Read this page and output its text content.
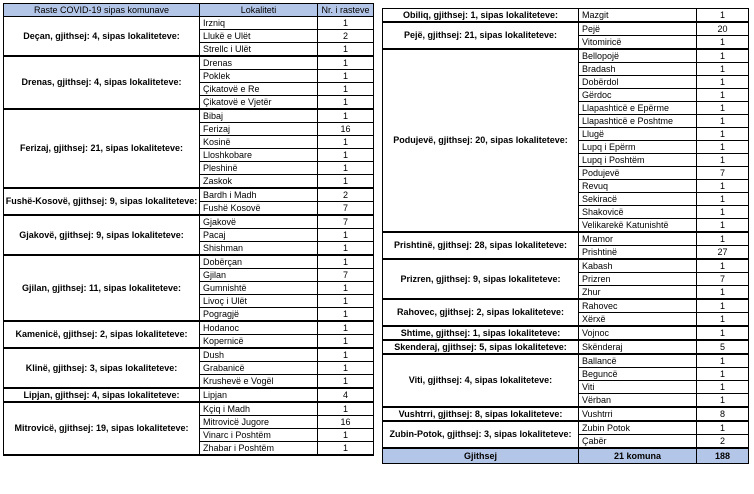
Raste COVID-19 sipas komunave	Lokaliteti	Nr. i rasteve
Deçan, gjithsej: 4, sipas lokaliteteve:	Irzniq	1
	Llukë e Ulët	2
	Strellc i Ulët	1
Drenas, gjithsej: 4, sipas lokaliteteve:	Drenas	1
	Poklek	1
	Çikatovë e Re	1
	Çikatovë e Vjetër	1
Ferizaj, gjithsej: 21, sipas lokaliteteve:	Bibaj	1
	Ferizaj	16
	Kosinë	1
	Lloshkobare	1
	Pleshinë	1
	Zaskok	1
Fushë-Kosovë, gjithsej: 9, sipas lokaliteteve:	Bardh i Madh	2
	Fushë Kosovë	7
Gjakovë, gjithsej: 9, sipas lokaliteteve:	Gjakovë	7
	Pacaj	1
	Shishman	1
Gjilan, gjithsej: 11, sipas lokaliteteve:	Dobërçan	1
	Gjilan	7
	Gumnishtë	1
	Livoç i Ulët	1
	Pogragjë	1
Kamenicë, gjithsej: 2, sipas lokaliteteve:	Hodanoc	1
	Kopernicë	1
Klinë, gjithsej: 3, sipas lokaliteteve:	Dush	1
	Grabanicë	1
	Krushevë e Vogël	1
Lipjan, gjithsej: 4, sipas lokaliteteve:	Lipjan	4
Mitrovicë, gjithsej: 19, sipas lokaliteteve:	Kçiq i Madh	1
	Mitrovicë Jugore	16
	Vinarc i Poshtëm	1
	Zhabar i Poshtëm	1
Obiliq, gjithsej: 1, sipas lokaliteteve:	Mazgit	1
Pejë, gjithsej: 21, sipas lokaliteteve:	Pejë	20
	Vitomiricë	1
Podujevë, gjithsej: 20, sipas lokaliteteve:	Bellopojë	1
	Bradash	1
	Dobërdol	1
	Gërdoc	1
	Llapashticë e Epërme	1
	Llapashticë e Poshtme	1
	Llugë	1
	Lupq i Epërm	1
	Lupq i Poshtëm	1
	Podujevë	7
	Revuq	1
	Sekiracë	1
	Shakovicë	1
	Velikarekë Katunishtë	1
Prishtinë, gjithsej: 28, sipas lokaliteteve:	Mramor	1
	Prishtinë	27
Prizren, gjithsej: 9, sipas lokaliteteve:	Kabash	1
	Prizren	7
	Zhur	1
Rahovec, gjithsej: 2, sipas lokaliteteve:	Rahovec	1
	Xërxë	1
Shtime, gjithsej: 1, sipas lokaliteteve:	Vojnoc	1
Skenderaj, gjithsej: 5, sipas lokaliteteve:	Skënderaj	5
Viti, gjithsej: 4, sipas lokaliteteve:	Ballancë	1
	Beguncë	1
	Viti	1
	Vërban	1
Vushtrri, gjithsej: 8, sipas lokaliteteve:	Vushtrri	8
Zubin-Potok, gjithsej: 3, sipas lokaliteteve:	Zubin Potok	1
	Çabër	2
Gjithsej	21 komuna	188
